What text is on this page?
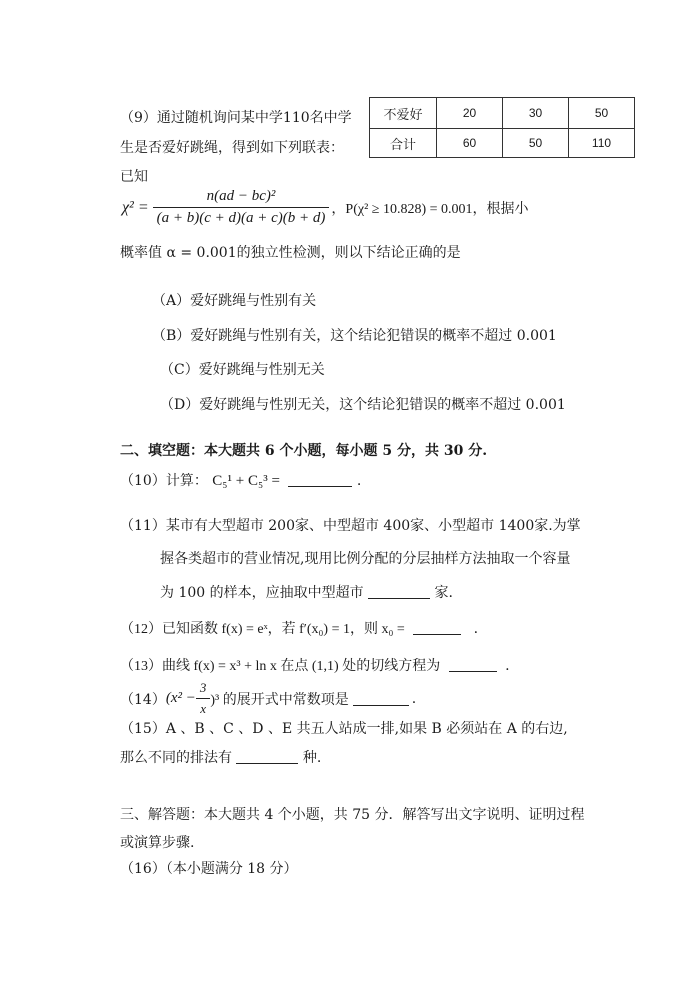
（9）通过随机询问某中学110名中学
生是否爱好跳绳，得到如下列联表：
已知
不爱好	20	30	50
合计	60	50	110
$\chi^2 = \frac{\text{n(ad − bc)²}}{(a + b)(c + d)(a + c)(b + d)}$ ，P(χ² ≥ 10.828) = 0.001，根据小
概率值 α = 0.001的独立性检测，则以下结论正确的是
（A）爱好跳绳与性别有关
（B）爱好跳绳与性别有关，这个结论犯错误的概率不超过 0.001
（C）爱好跳绳与性别无关
（D）爱好跳绳与性别无关，这个结论犯错误的概率不超过 0.001
二、填空题：本大题共 6 个小题，每小题 5 分，共 30 分.
（10）计算： C₅¹ + C₅³ =	.
（11）某市有大型超市 200家、中型超市 400家、小型超市 1400家.为掌
握各类超市的营业情况,现用比例分配的分层抽样方法抽取一个容量
为 100 的样本，应抽取中型超市	家.
（12）已知函数 f(x) = eˣ，若 f′(x₀) = 1，则 x₀ =	.
（13）曲线 f(x) = x³ + ln x 在点 (1,1) 处的切线方程为	.
（14） $(x^2 - \frac{3}{x} )^3$ 的展开式中常数项是	.
（15）A 、B 、C 、D 、E 共五人站成一排,如果 B 必须站在 A 的右边,
那么不同的排法有	种.
三、解答题：本大题共 4 个小题，共 75 分．解答写出文字说明、证明过程
或演算步骤.
（16）（本小题满分 18 分）
